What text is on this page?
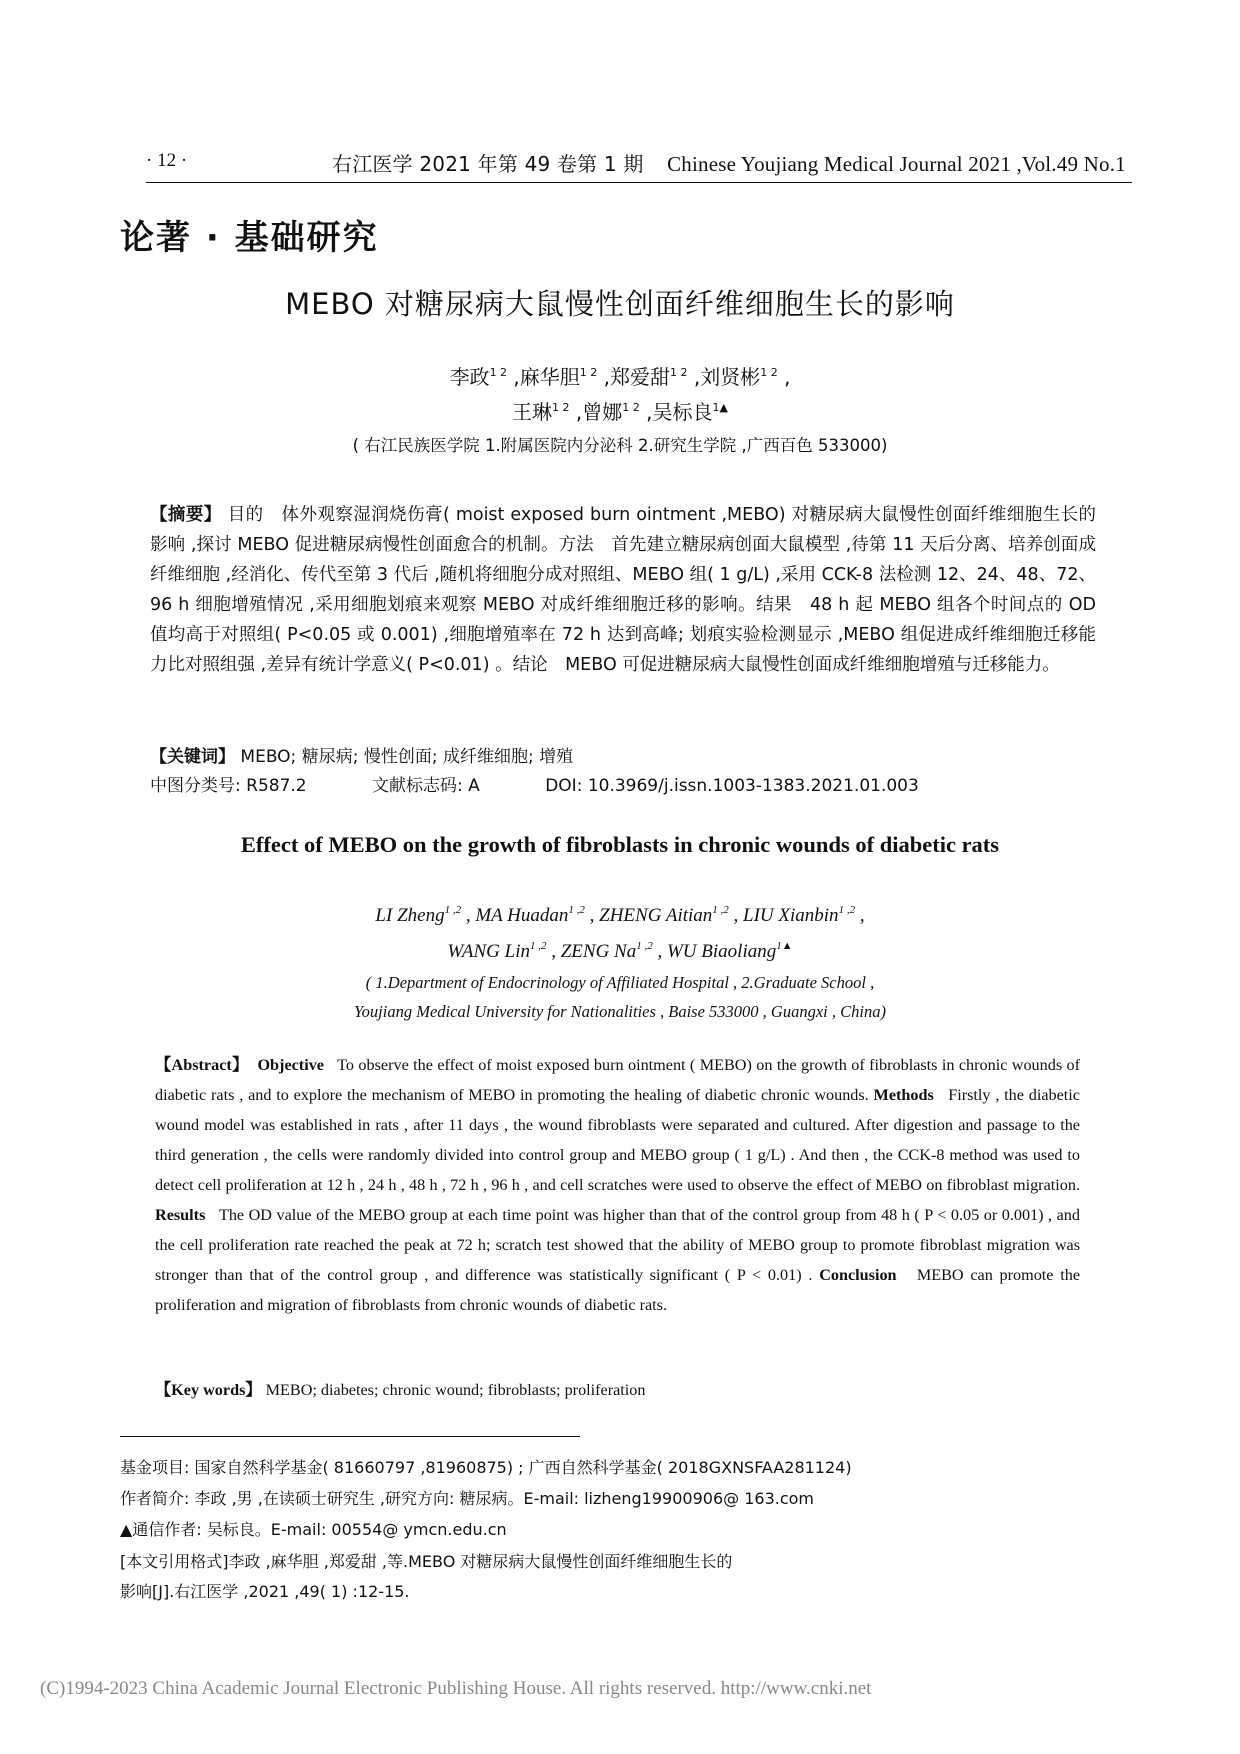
· 12 ·	右江医学 2021 年第 49 卷第 1 期 Chinese Youjiang Medical Journal 2021 ,Vol.49 No.1
论著 · 基础研究
MEBO 对糖尿病大鼠慢性创面纤维细胞生长的影响
李政$^{1 2}$ ,麻华胆$^{1 2}$ ,郑爱甜$^{1 2}$ ,刘贤彬$^{1 2}$ ,
王琳$^{1 2}$ ,曾娜$^{1 2}$ ,吴标良$^{1▲}$
( 右江民族医学院 1.附属医院内分泌科 2.研究生学院 ,广西百色 533000)
【摘要】 目的　体外观察湿润烧伤膏( moist exposed burn ointment ,MEBO) 对糖尿病大鼠慢性创面纤维细胞生长的影响 ,探讨 MEBO 促进糖尿病慢性创面愈合的机制。方法　首先建立糖尿病创面大鼠模型 ,待第 11 天后分离、培养创面成纤维细胞 ,经消化、传代至第 3 代后 ,随机将细胞分成对照组、MEBO 组( 1 g/L) ,采用 CCK-8 法检测 12、24、48、72、96 h 细胞增殖情况 ,采用细胞划痕来观察 MEBO 对成纤维细胞迁移的影响。结果　48 h 起 MEBO 组各个时间点的 OD 值均高于对照组( P<0.05 或 0.001) ,细胞增殖率在 72 h 达到高峰; 划痕实验检测显示 ,MEBO 组促进成纤维细胞迁移能力比对照组强 ,差异有统计学意义( P<0.01) 。结论　MEBO 可促进糖尿病大鼠慢性创面成纤维细胞增殖与迁移能力。
【关键词】 MEBO; 糖尿病; 慢性创面; 成纤维细胞; 增殖
中图分类号: R587.2	文献标志码: A	DOI: 10.3969/j.issn.1003-1383.2021.01.003
Effect of MEBO on the growth of fibroblasts in chronic wounds of diabetic rats
LI Zheng$^{1 ,2}$ , MA Huadan$^{1 ,2}$ , ZHENG Aitian$^{1 ,2}$ , LIU Xianbin$^{1 ,2}$ ,
WANG Lin$^{1 ,2}$ , ZENG Na$^{1 ,2}$ , WU Biaoliang$^{1▲}$
( 1.Department of Endocrinology of Affiliated Hospital , 2.Graduate School ,
Youjiang Medical University for Nationalities , Baise 533000 , Guangxi , China)
【Abstract】 Objective To observe the effect of moist exposed burn ointment ( MEBO) on the growth of fibroblasts in chronic wounds of diabetic rats , and to explore the mechanism of MEBO in promoting the healing of diabetic chronic wounds. Methods Firstly , the diabetic wound model was established in rats , after 11 days , the wound fibroblasts were separated and cultured. After digestion and passage to the third generation , the cells were randomly divided into control group and MEBO group ( 1 g/L) . And then , the CCK-8 method was used to detect cell proliferation at 12 h , 24 h , 48 h , 72 h , 96 h , and cell scratches were used to observe the effect of MEBO on fibroblast migration. Results The OD value of the MEBO group at each time point was higher than that of the control group from 48 h ( P < 0.05 or 0.001) , and the cell proliferation rate reached the peak at 72 h; scratch test showed that the ability of MEBO group to promote fibroblast migration was stronger than that of the control group , and difference was statistically significant ( P < 0.01) . Conclusion MEBO can promote the proliferation and migration of fibroblasts from chronic wounds of diabetic rats.
【Key words】 MEBO; diabetes; chronic wound; fibroblasts; proliferation
基金项目: 国家自然科学基金( 81660797 ,81960875) ; 广西自然科学基金( 2018GXNSFAA281124)
作者简介: 李政 ,男 ,在读硕士研究生 ,研究方向: 糖尿病。E-mail: lizheng19900906@ 163.com
▲通信作者: 吴标良。E-mail: 00554@ ymcn.edu.cn
[本文引用格式]李政 ,麻华胆 ,郑爱甜 ,等.MEBO 对糖尿病大鼠慢性创面纤维细胞生长的
影响[J].右江医学 ,2021 ,49( 1) :12-15.
(C)1994-2023 China Academic Journal Electronic Publishing House. All rights reserved. http://www.cnki.net
